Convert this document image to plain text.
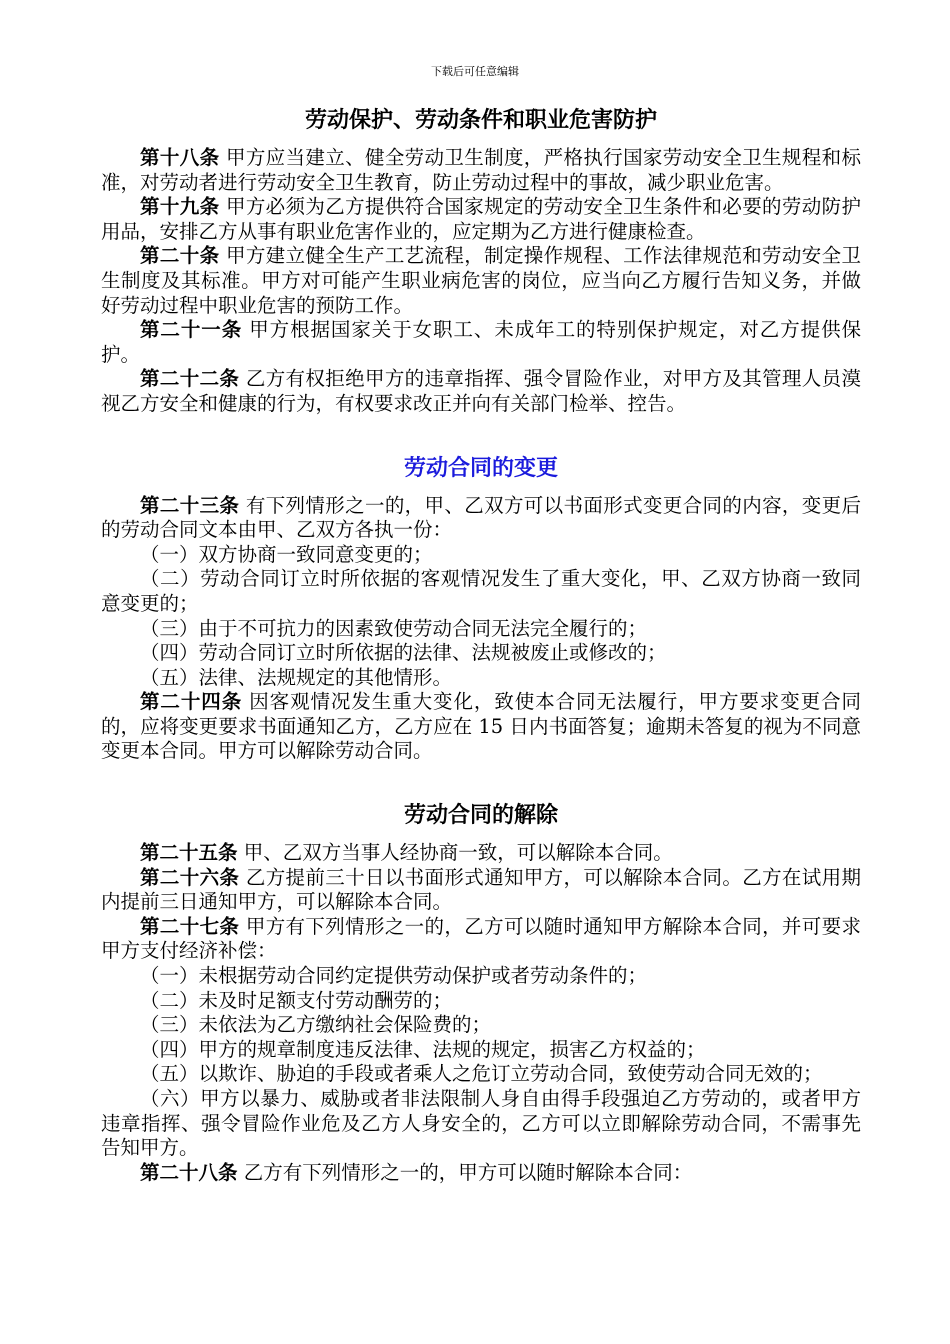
下载后可任意编辑
劳动保护、劳动条件和职业危害防护

第十八条 甲方应当建立、健全劳动卫生制度，严格执行国家劳动安全卫生规程和标准，对劳动者进行劳动安全卫生教育，防止劳动过程中的事故，减少职业危害。

第十九条 甲方必须为乙方提供符合国家规定的劳动安全卫生条件和必要的劳动防护用品，安排乙方从事有职业危害作业的，应定期为乙方进行健康检查。

第二十条 甲方建立健全生产工艺流程，制定操作规程、工作法律规范和劳动安全卫生制度及其标准。甲方对可能产生职业病危害的岗位，应当向乙方履行告知义务，并做好劳动过程中职业危害的预防工作。

第二十一条 甲方根据国家关于女职工、未成年工的特别保护规定，对乙方提供保护。

第二十二条 乙方有权拒绝甲方的违章指挥、强令冒险作业，对甲方及其管理人员漠视乙方安全和健康的行为，有权要求改正并向有关部门检举、控告。

劳动合同的变更

第二十三条 有下列情形之一的，甲、乙双方可以书面形式变更合同的内容，变更后的劳动合同文本由甲、乙双方各执一份：

（一）双方协商一致同意变更的；

（二）劳动合同订立时所依据的客观情况发生了重大变化，甲、乙双方协商一致同意变更的；

（三）由于不可抗力的因素致使劳动合同无法完全履行的；

（四）劳动合同订立时所依据的法律、法规被废止或修改的；

（五）法律、法规规定的其他情形。

第二十四条 因客观情况发生重大变化，致使本合同无法履行，甲方要求变更合同的，应将变更要求书面通知乙方，乙方应在 15 日内书面答复；逾期未答复的视为不同意变更本合同。甲方可以解除劳动合同。

劳动合同的解除

第二十五条 甲、乙双方当事人经协商一致，可以解除本合同。

第二十六条 乙方提前三十日以书面形式通知甲方，可以解除本合同。乙方在试用期内提前三日通知甲方，可以解除本合同。

第二十七条 甲方有下列情形之一的，乙方可以随时通知甲方解除本合同，并可要求甲方支付经济补偿：

（一）未根据劳动合同约定提供劳动保护或者劳动条件的；

（二）未及时足额支付劳动酬劳的；

（三）未依法为乙方缴纳社会保险费的；

（四）甲方的规章制度违反法律、法规的规定，损害乙方权益的；

（五）以欺诈、胁迫的手段或者乘人之危订立劳动合同，致使劳动合同无效的；

（六）甲方以暴力、威胁或者非法限制人身自由得手段强迫乙方劳动的，或者甲方违章指挥、强令冒险作业危及乙方人身安全的，乙方可以立即解除劳动合同，不需事先告知甲方。

第二十八条 乙方有下列情形之一的，甲方可以随时解除本合同：
